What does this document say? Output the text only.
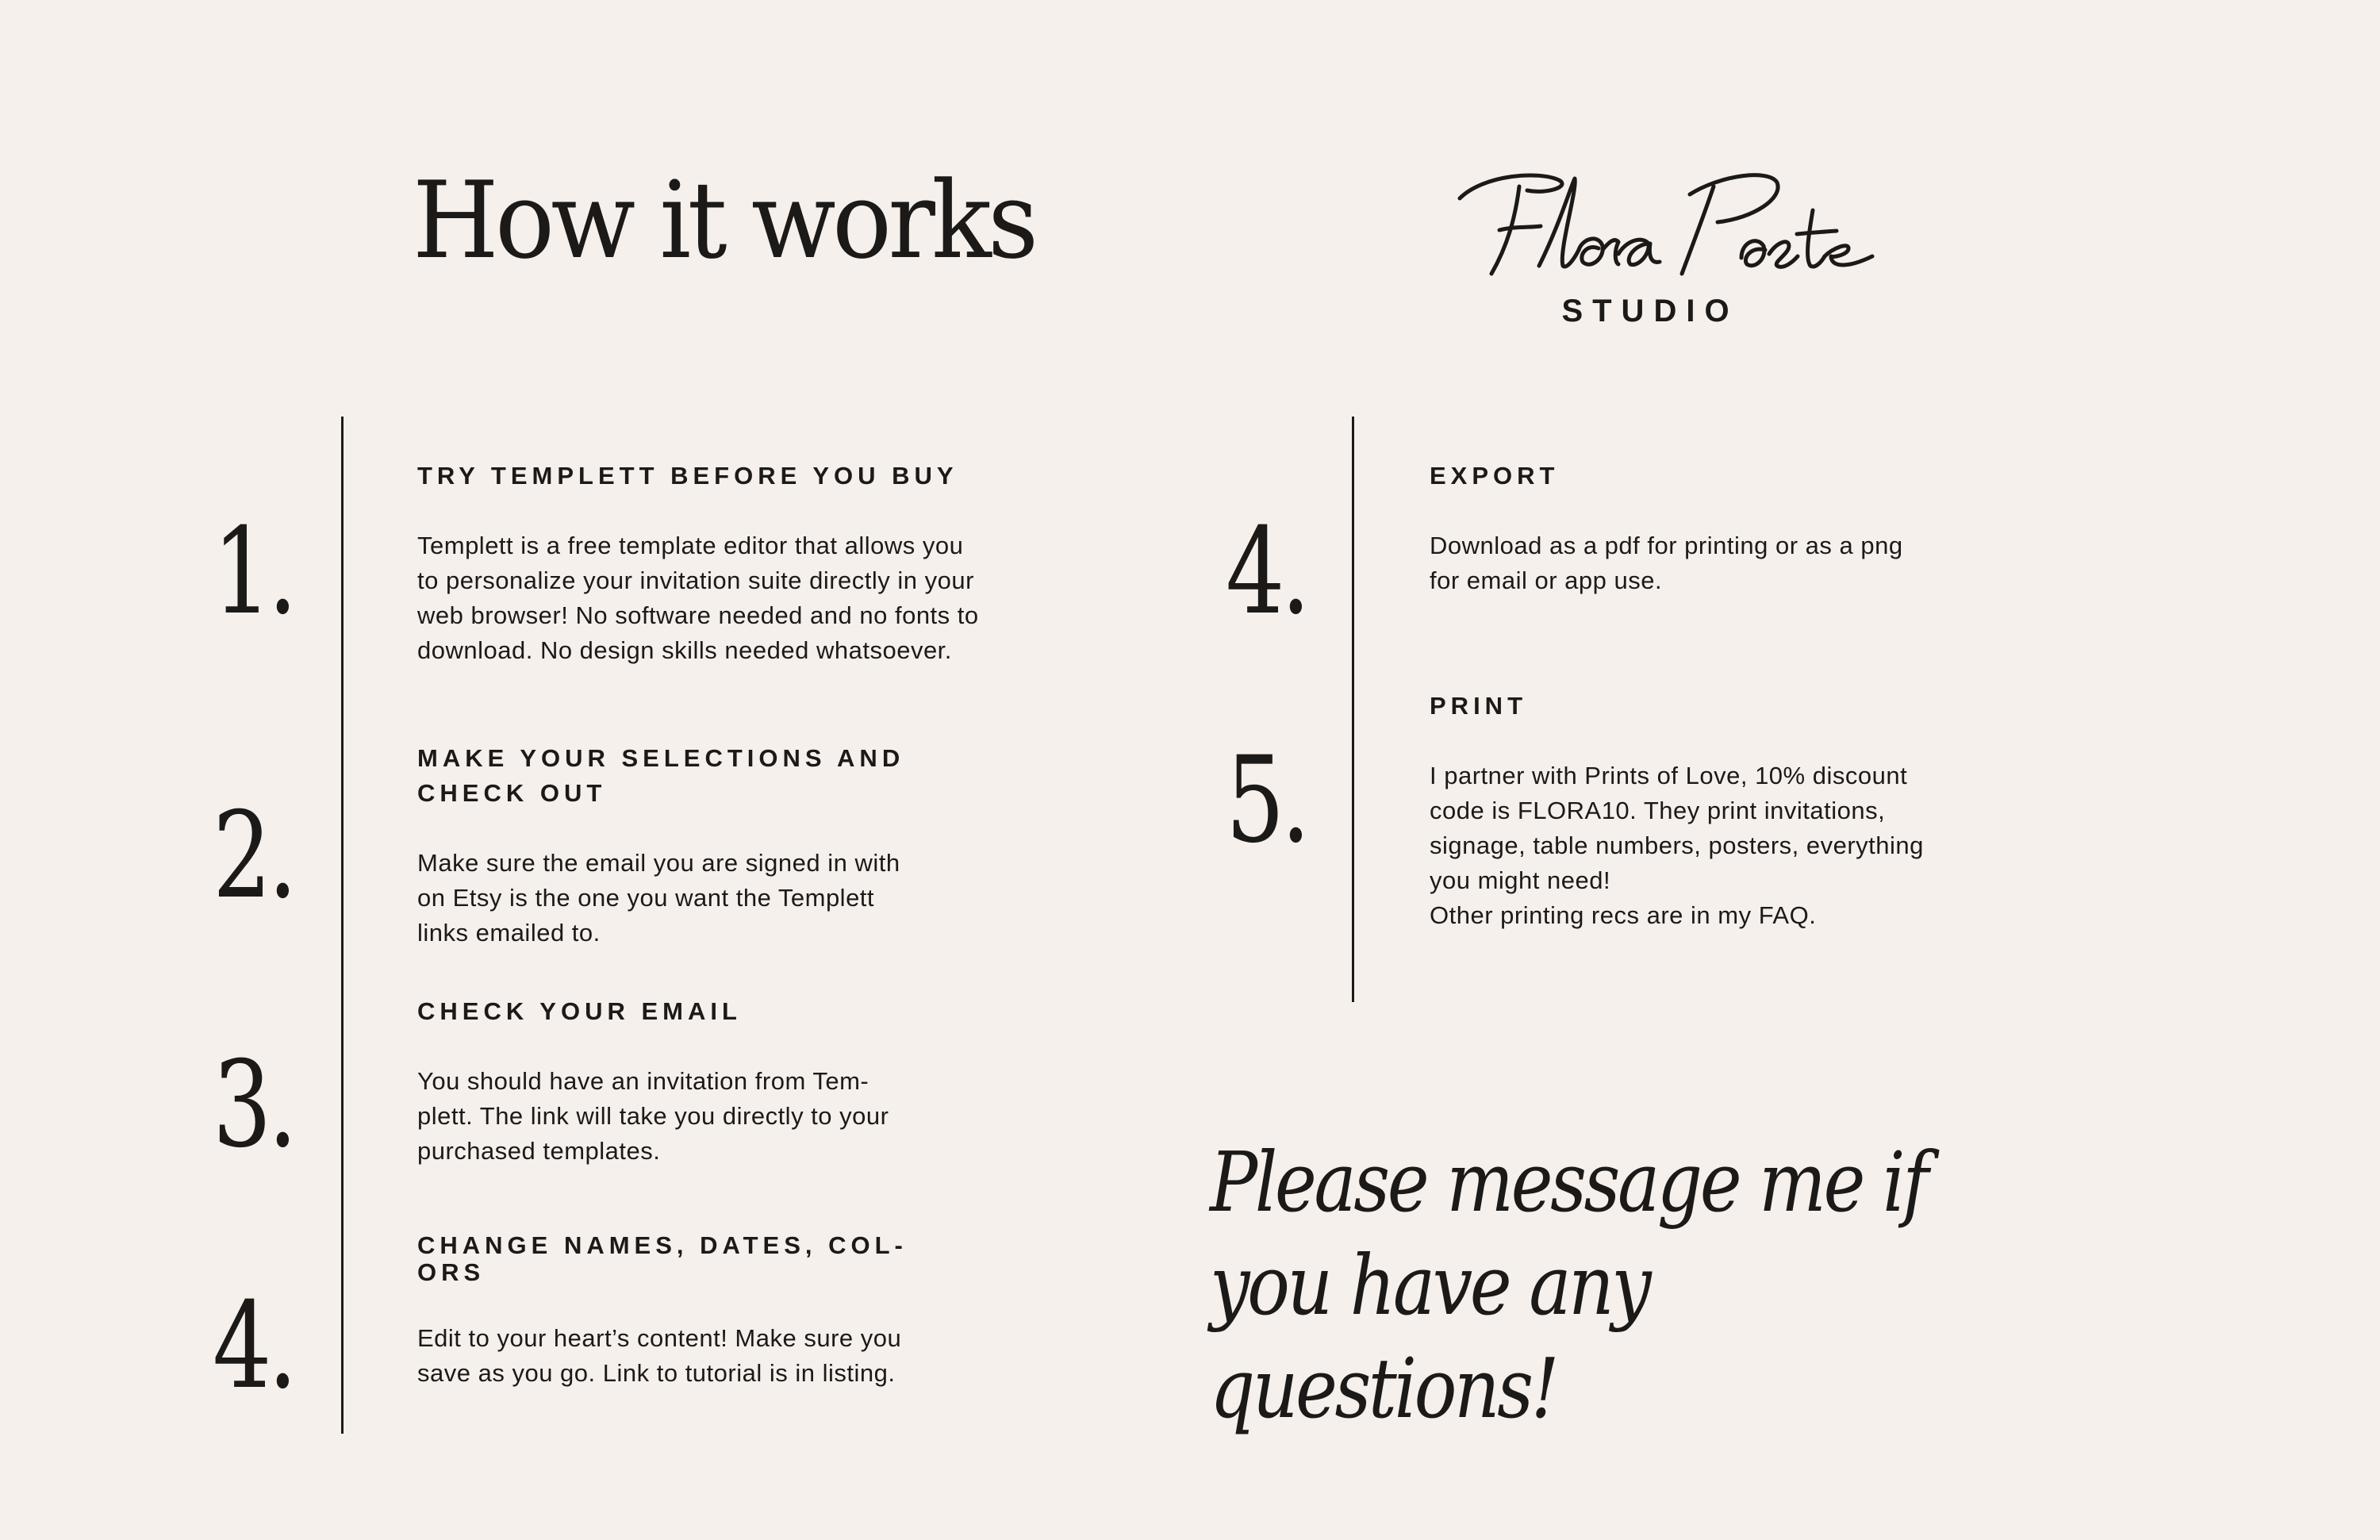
How it works
STUDIO
1.

TRY TEMPLETT BEFORE YOU BUY

Templett is a free template editor that allows you
to personalize your invitation suite directly in your
web browser! No software needed and no fonts to
download. No design skills needed whatsoever.

2.

MAKE YOUR SELECTIONS AND
CHECK OUT

Make sure the email you are signed in with
on Etsy is the one you want the Templett
links emailed to.

3.

CHECK YOUR EMAIL

You should have an invitation from Tem-
plett. The link will take you directly to your
purchased templates.

4.

CHANGE NAMES, DATES, COL-
ORS

Edit to your heart’s content! Make sure you
save as you go. Link to tutorial is in listing.

4.

EXPORT

Download as a pdf for printing or as a png
for email or app use.

5.

PRINT

I partner with Prints of Love, 10% discount
code is FLORA10. They print invitations,
signage, table numbers, posters, everything
you might need!
Other printing recs are in my FAQ.

Please message me if you have any questions!
